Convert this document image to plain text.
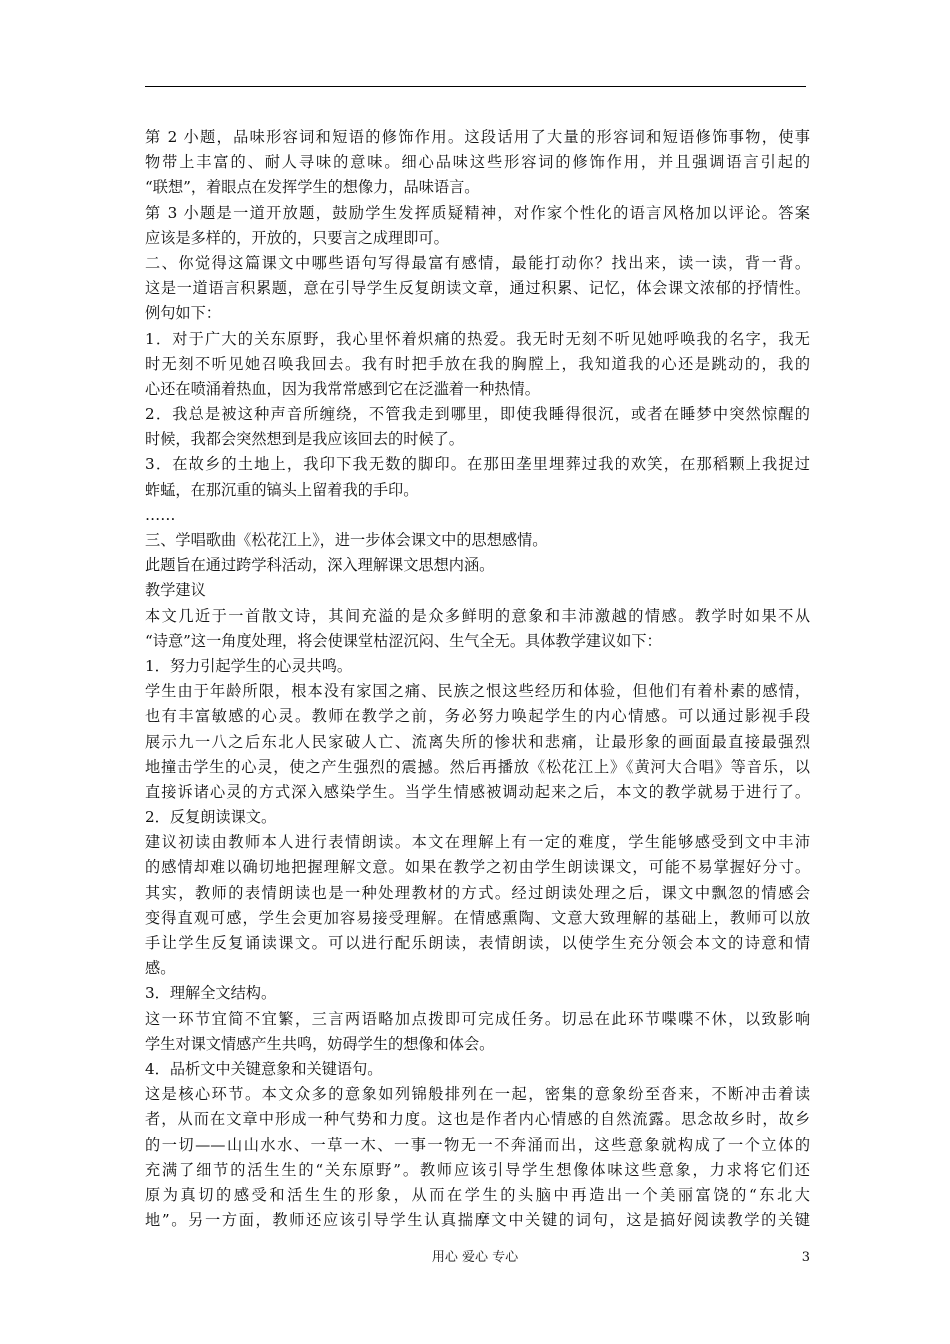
第 2 小题，品味形容词和短语的修饰作用。这段话用了大量的形容词和短语修饰事物，使事
物带上丰富的、耐人寻味的意味。细心品味这些形容词的修饰作用，并且强调语言引起的
“联想”，着眼点在发挥学生的想像力，品味语言。
第 3 小题是一道开放题，鼓励学生发挥质疑精神，对作家个性化的语言风格加以评论。答案
应该是多样的，开放的，只要言之成理即可。
二、你觉得这篇课文中哪些语句写得最富有感情，最能打动你？找出来，读一读，背一背。
这是一道语言积累题，意在引导学生反复朗读文章，通过积累、记忆，体会课文浓郁的抒情性。
例句如下：
1．对于广大的关东原野，我心里怀着炽痛的热爱。我无时无刻不听见她呼唤我的名字，我无
时无刻不听见她召唤我回去。我有时把手放在我的胸膛上，我知道我的心还是跳动的，我的
心还在喷涌着热血，因为我常常感到它在泛滥着一种热情。
2．我总是被这种声音所缠绕，不管我走到哪里，即使我睡得很沉，或者在睡梦中突然惊醒的
时候，我都会突然想到是我应该回去的时候了。
3．在故乡的土地上，我印下我无数的脚印。在那田垄里埋葬过我的欢笑，在那稻颗上我捉过
蚱蜢，在那沉重的镐头上留着我的手印。
……
三、学唱歌曲《松花江上》，进一步体会课文中的思想感情。
此题旨在通过跨学科活动，深入理解课文思想内涵。
教学建议
本文几近于一首散文诗，其间充溢的是众多鲜明的意象和丰沛激越的情感。教学时如果不从
“诗意”这一角度处理，将会使课堂枯涩沉闷、生气全无。具体教学建议如下：
1．努力引起学生的心灵共鸣。
学生由于年龄所限，根本没有家国之痛、民族之恨这些经历和体验，但他们有着朴素的感情，
也有丰富敏感的心灵。教师在教学之前，务必努力唤起学生的内心情感。可以通过影视手段
展示九一八之后东北人民家破人亡、流离失所的惨状和悲痛，让最形象的画面最直接最强烈
地撞击学生的心灵，使之产生强烈的震撼。然后再播放《松花江上》《黄河大合唱》等音乐，以
直接诉诸心灵的方式深入感染学生。当学生情感被调动起来之后，本文的教学就易于进行了。
2．反复朗读课文。
建议初读由教师本人进行表情朗读。本文在理解上有一定的难度，学生能够感受到文中丰沛
的感情却难以确切地把握理解文意。如果在教学之初由学生朗读课文，可能不易掌握好分寸。
其实，教师的表情朗读也是一种处理教材的方式。经过朗读处理之后，课文中飘忽的情感会
变得直观可感，学生会更加容易接受理解。在情感熏陶、文意大致理解的基础上，教师可以放
手让学生反复诵读课文。可以进行配乐朗读，表情朗读，以使学生充分领会本文的诗意和情
感。
3．理解全文结构。
这一环节宜简不宜繁，三言两语略加点拨即可完成任务。切忌在此环节喋喋不休，以致影响
学生对课文情感产生共鸣，妨碍学生的想像和体会。
4．品析文中关键意象和关键语句。
这是核心环节。本文众多的意象如列锦般排列在一起，密集的意象纷至沓来，不断冲击着读
者，从而在文章中形成一种气势和力度。这也是作者内心情感的自然流露。思念故乡时，故乡
的一切——山山水水、一草一木、一事一物无一不奔涌而出，这些意象就构成了一个立体的
充满了细节的活生生的“关东原野”。教师应该引导学生想像体味这些意象，力求将它们还
原为真切的感受和活生生的形象，从而在学生的头脑中再造出一个美丽富饶的“东北大
地”。另一方面，教师还应该引导学生认真揣摩文中关键的词句，这是搞好阅读教学的关键
用心 爱心 专心	3
